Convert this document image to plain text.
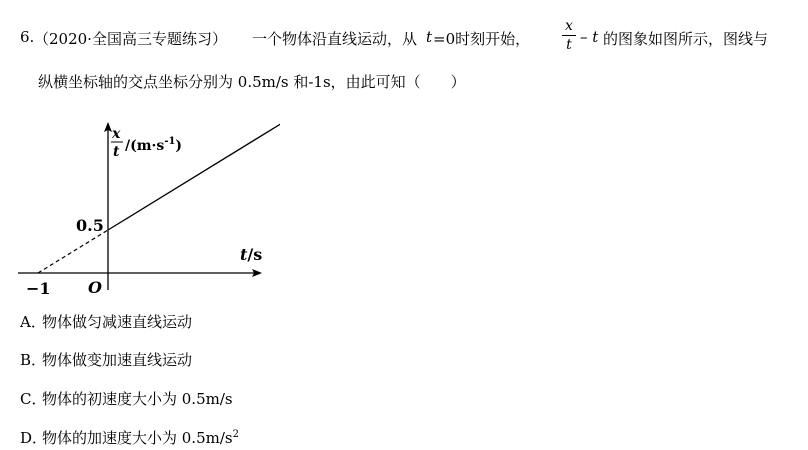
6. （2020·全国高三专题练习） 一个物体沿直线运动，从 t =0时刻开始，
x
t – t 的图象如图所示，图线与
纵横坐标轴的交点坐标分别为 0.5m/s 和-1s，由此可知（　　）
x
t $/(m\cdot s^{-1})$
0.5
t/s
O
−1
A．物体做匀减速直线运动
B．物体做变加速直线运动
C．物体的初速度大小为 0.5m/s
D．物体的加速度大小为 $0.5m/s^2$
